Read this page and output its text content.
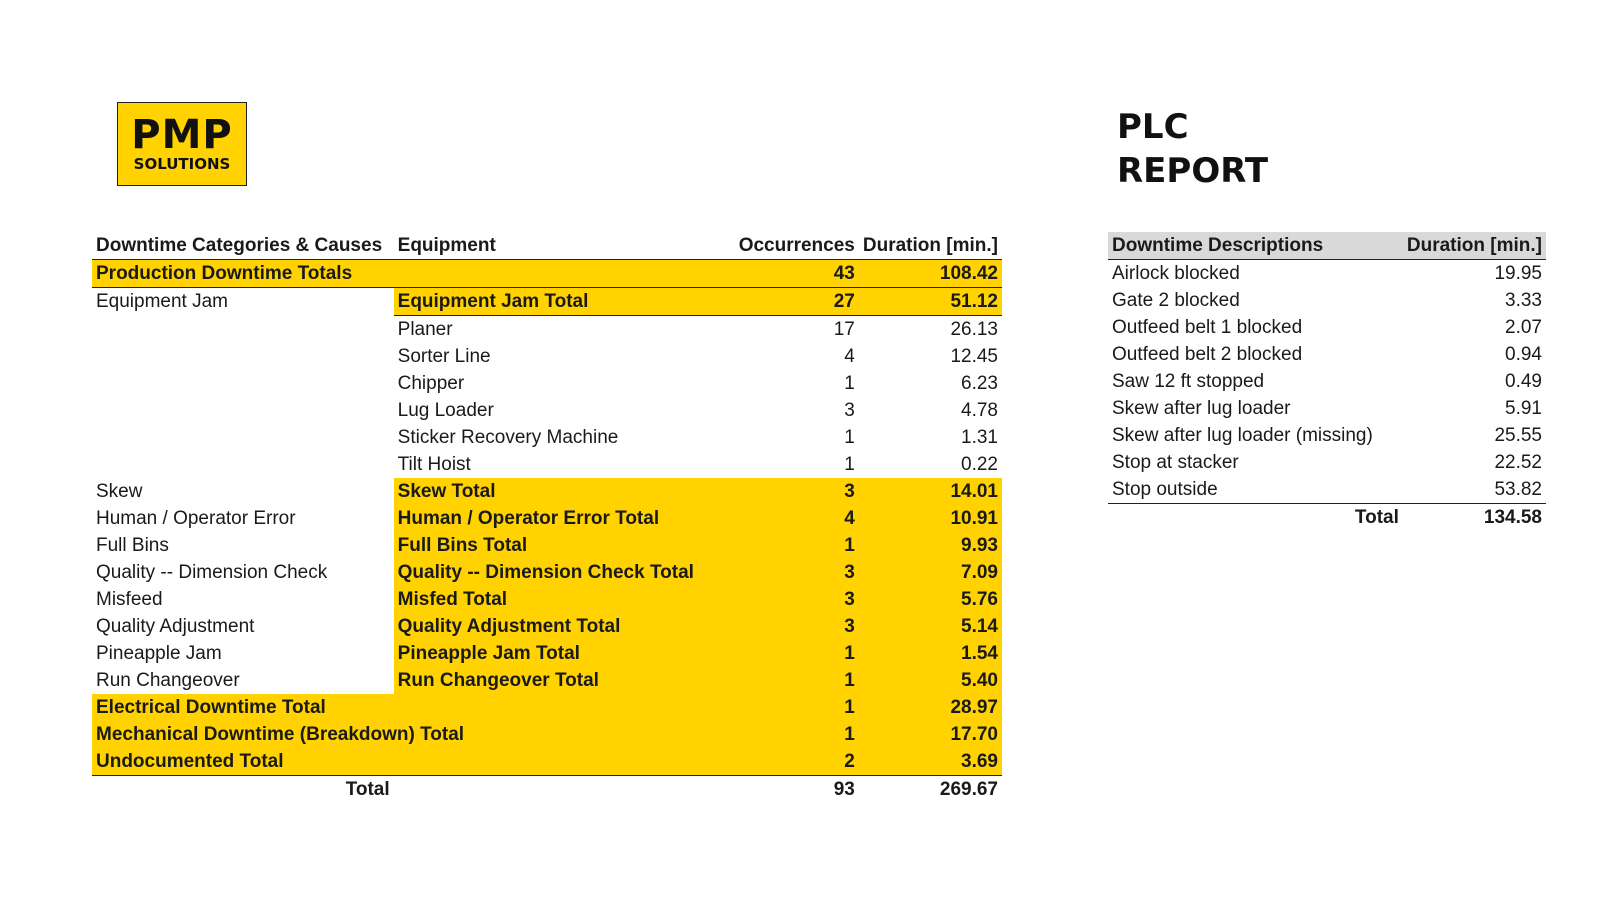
PMP
SOLUTIONS
PLC
REPORT
Downtime Categories & Causes	Equipment	Occurrences	Duration [min.]
Production Downtime Totals		43	108.42
Equipment Jam	Equipment Jam Total	27	51.12
	Planer	17	26.13
	Sorter Line	4	12.45
	Chipper	1	6.23
	Lug Loader	3	4.78
	Sticker Recovery Machine	1	1.31
	Tilt Hoist	1	0.22
Skew	Skew Total	3	14.01
Human / Operator Error	Human / Operator Error Total	4	10.91
Full Bins	Full Bins Total	1	9.93
Quality -- Dimension Check	Quality -- Dimension Check Total	3	7.09
Misfeed	Misfed Total	3	5.76
Quality Adjustment	Quality Adjustment Total	3	5.14
Pineapple Jam	Pineapple Jam Total	1	1.54
Run Changeover	Run Changeover Total	1	5.40
Electrical Downtime Total		1	28.97
Mechanical Downtime (Breakdown) Total		1	17.70
Undocumented Total		2	3.69
Total		93	269.67
Downtime Descriptions	Duration [min.]
Airlock blocked	19.95
Gate 2 blocked	3.33
Outfeed belt 1 blocked	2.07
Outfeed belt 2 blocked	0.94
Saw 12 ft stopped	0.49
Skew after lug loader	5.91
Skew after lug loader (missing)	25.55
Stop at stacker	22.52
Stop outside	53.82
Total	134.58
